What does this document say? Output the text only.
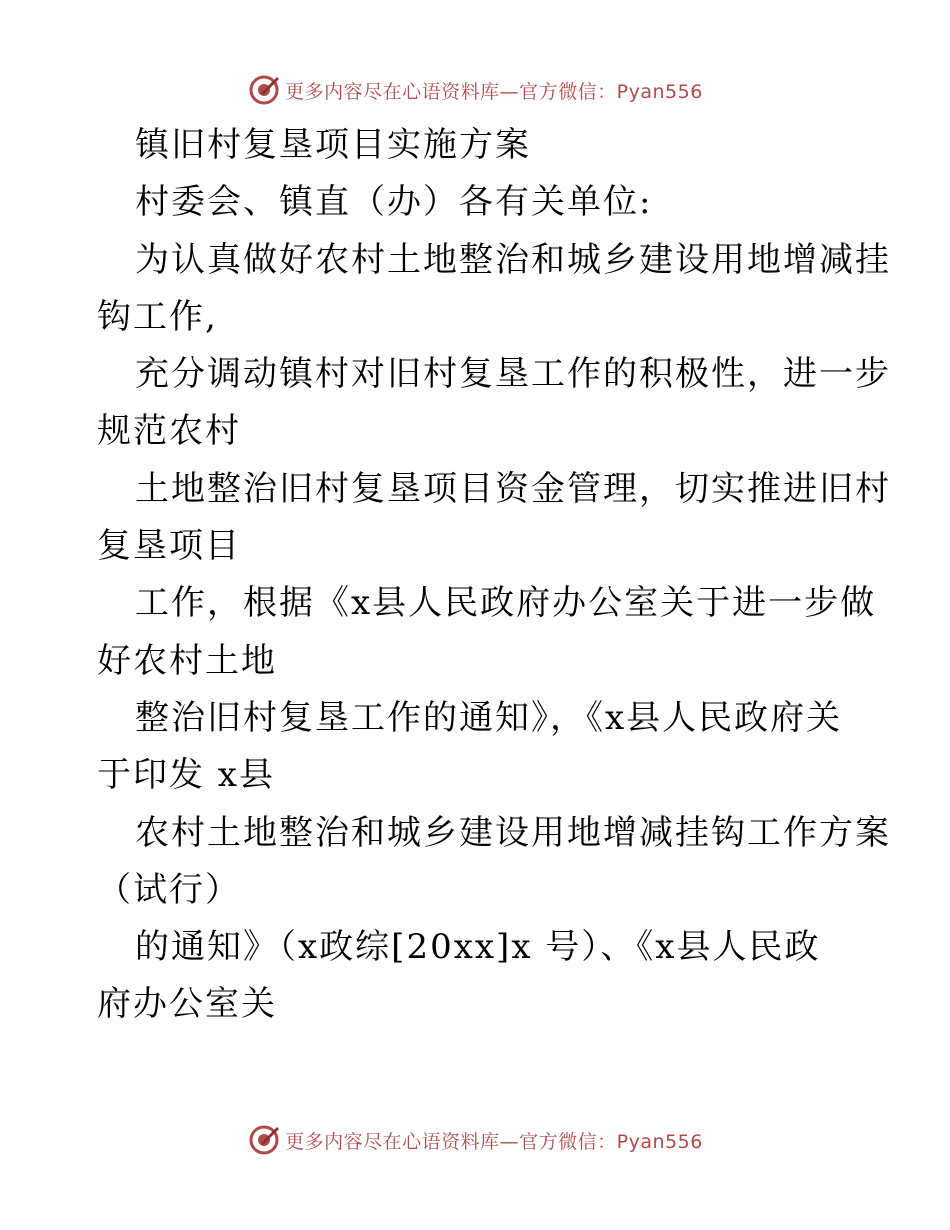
更多内容尽在心语资料库—官方微信：Pyan556
镇旧村复垦项目实施方案
村委会、镇直（办）各有关单位:
为认真做好农村土地整治和城乡建设用地增减挂
钩工作,
充分调动镇村对旧村复垦工作的积极性，进一步
规范农村
土地整治旧村复垦项目资金管理，切实推进旧村
复垦项目
工作，根据《x县人民政府办公室关于进一步做
好农村土地
整治旧村复垦工作的通知》，《x县人民政府关
于印发 x县
农村土地整治和城乡建设用地增减挂钩工作方案
（试行）
的通知》（x政综[20xx]x 号）、《x县人民政
府办公室关
更多内容尽在心语资料库—官方微信：Pyan556
